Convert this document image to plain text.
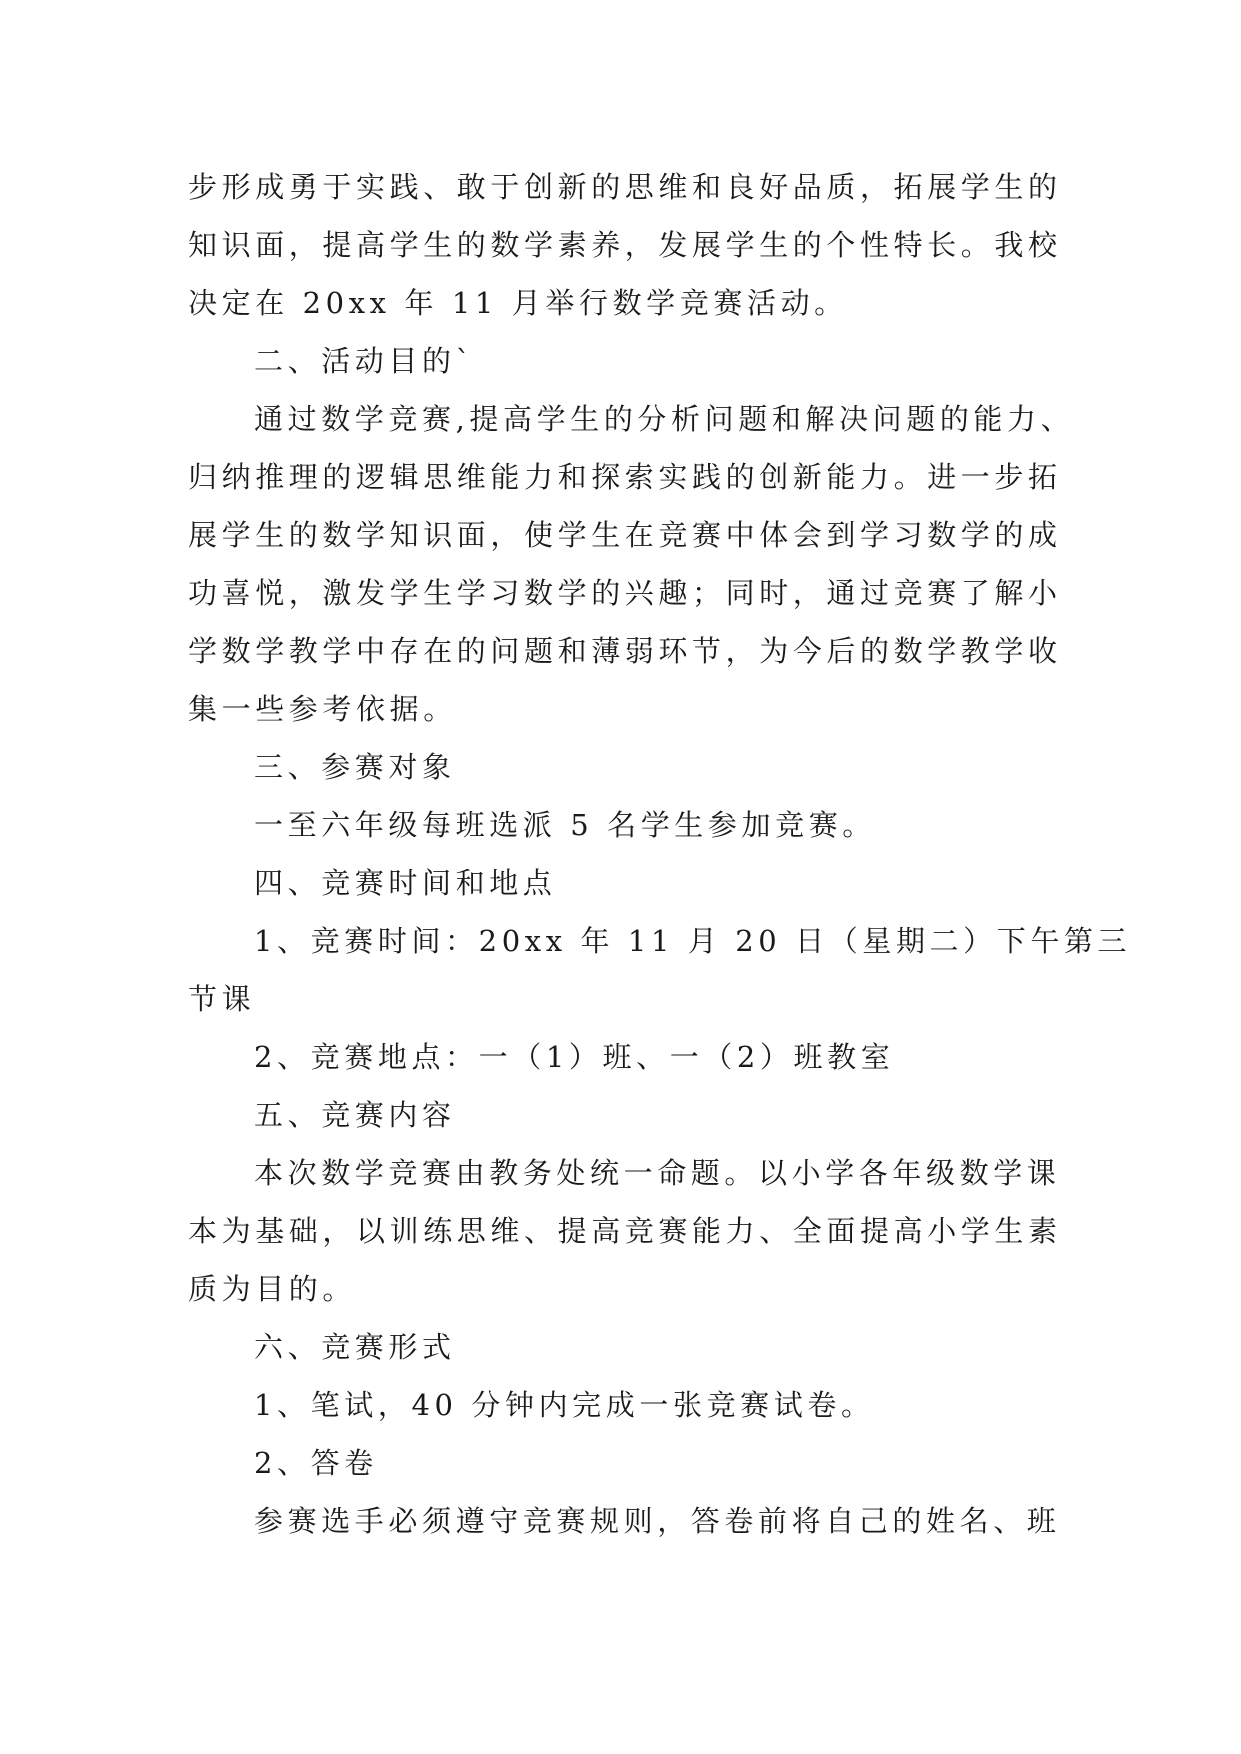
步形成勇于实践、敢于创新的思维和良好品质，拓展学生的
知识面，提高学生的数学素养，发展学生的个性特长。我校
决定在 20xx 年 11 月举行数学竞赛活动。
二、活动目的`
通过数学竞赛,提高学生的分析问题和解决问题的能力、
归纳推理的逻辑思维能力和探索实践的创新能力。进一步拓
展学生的数学知识面，使学生在竞赛中体会到学习数学的成
功喜悦，激发学生学习数学的兴趣；同时，通过竞赛了解小
学数学教学中存在的问题和薄弱环节，为今后的数学教学收
集一些参考依据。
三、参赛对象
一至六年级每班选派 5 名学生参加竞赛。
四、竞赛时间和地点
1、竞赛时间：20xx 年 11 月 20 日（星期二）下午第三
节课
2、竞赛地点：一（1）班、一（2）班教室
五、竞赛内容
本次数学竞赛由教务处统一命题。以小学各年级数学课
本为基础，以训练思维、提高竞赛能力、全面提高小学生素
质为目的。
六、竞赛形式
1、笔试，40 分钟内完成一张竞赛试卷。
2、答卷
参赛选手必须遵守竞赛规则，答卷前将自己的姓名、班
